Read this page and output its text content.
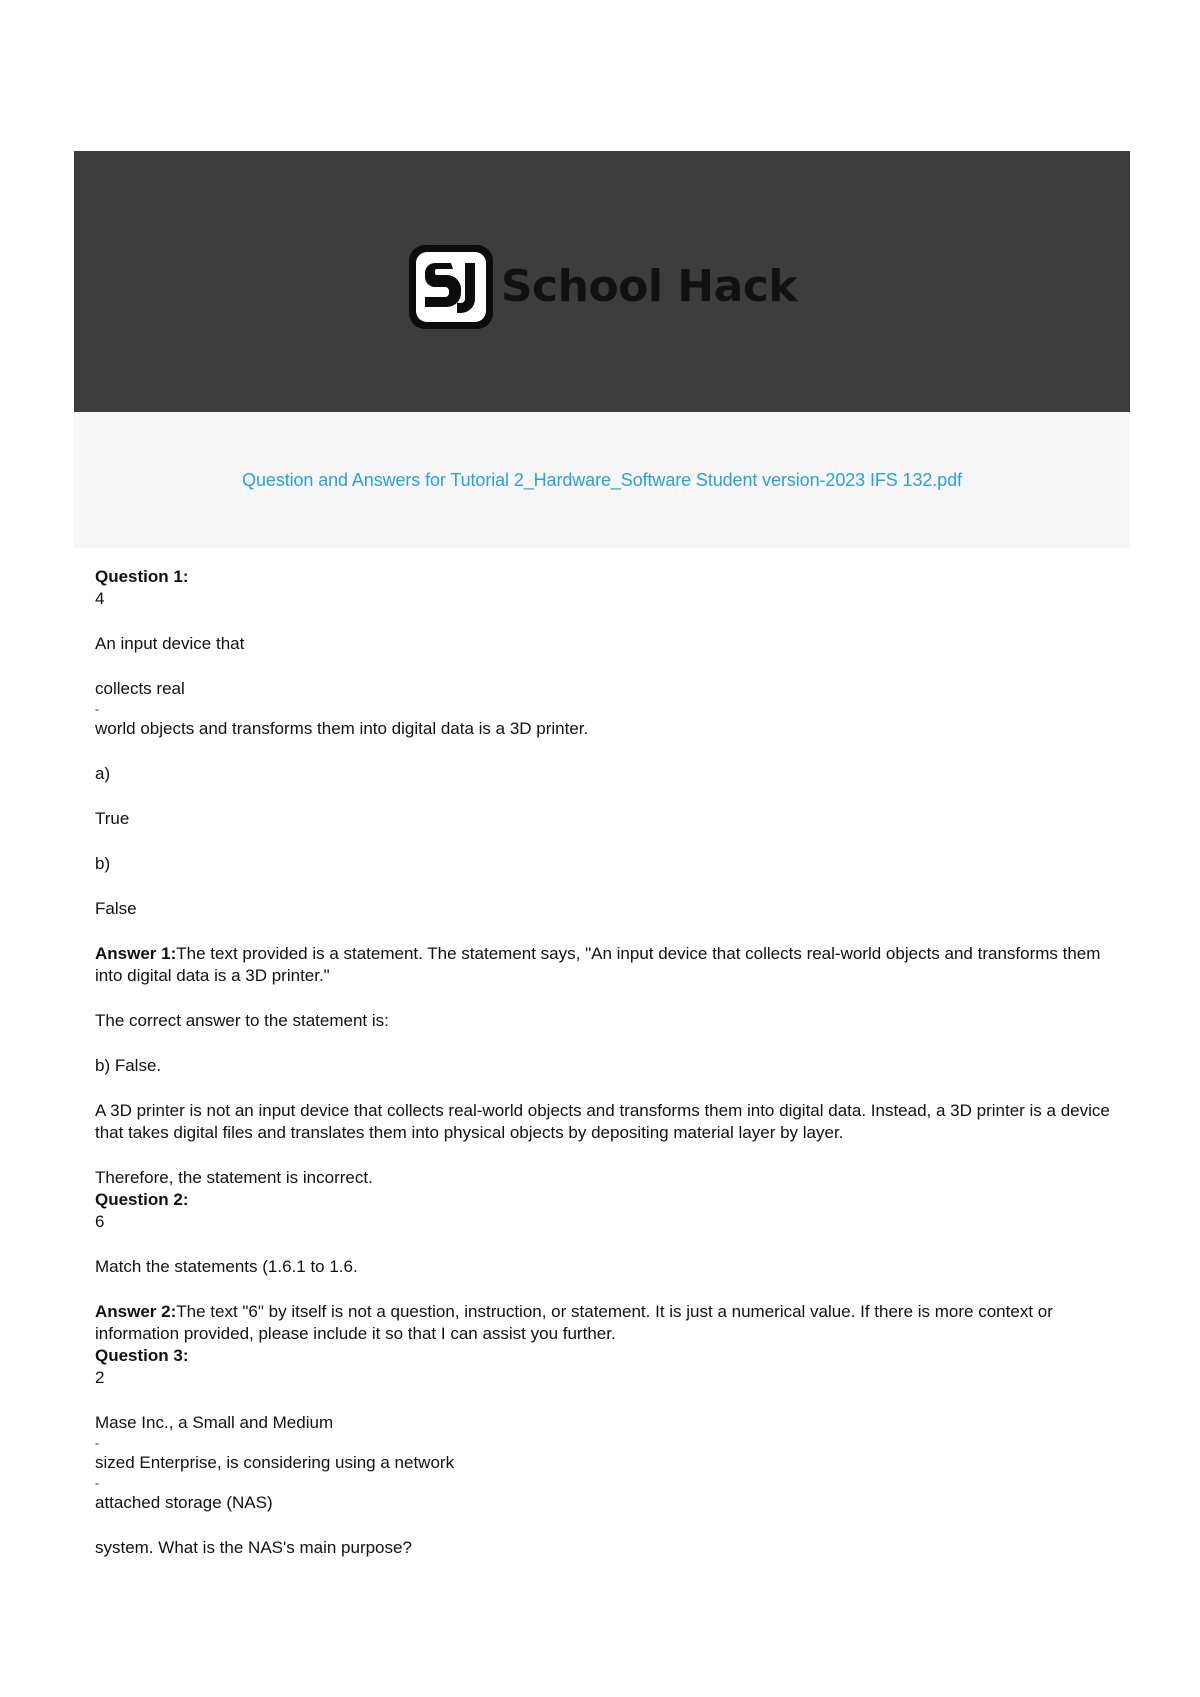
School Hack
Question and Answers for Tutorial 2_Hardware_Software Student version-2023 IFS 132.pdf

Question 1:

4

An input device that

collects real

-

world objects and transforms them into digital data is a 3D printer.

a)

True

b)

False

Answer 1:The text provided is a statement. The statement says, "An input device that collects real-world objects and transforms them into digital data is a 3D printer."

The correct answer to the statement is:

b) False.

A 3D printer is not an input device that collects real-world objects and transforms them into digital data. Instead, a 3D printer is a device that takes digital files and translates them into physical objects by depositing material layer by layer.

Therefore, the statement is incorrect.

Question 2:

6

Match the statements (1.6.1 to 1.6.

Answer 2:The text "6" by itself is not a question, instruction, or statement. It is just a numerical value. If there is more context or information provided, please include it so that I can assist you further.

Question 3:

2

Mase Inc., a Small and Medium

-

sized Enterprise, is considering using a network

-

attached storage (NAS)

system. What is the NAS's main purpose?
